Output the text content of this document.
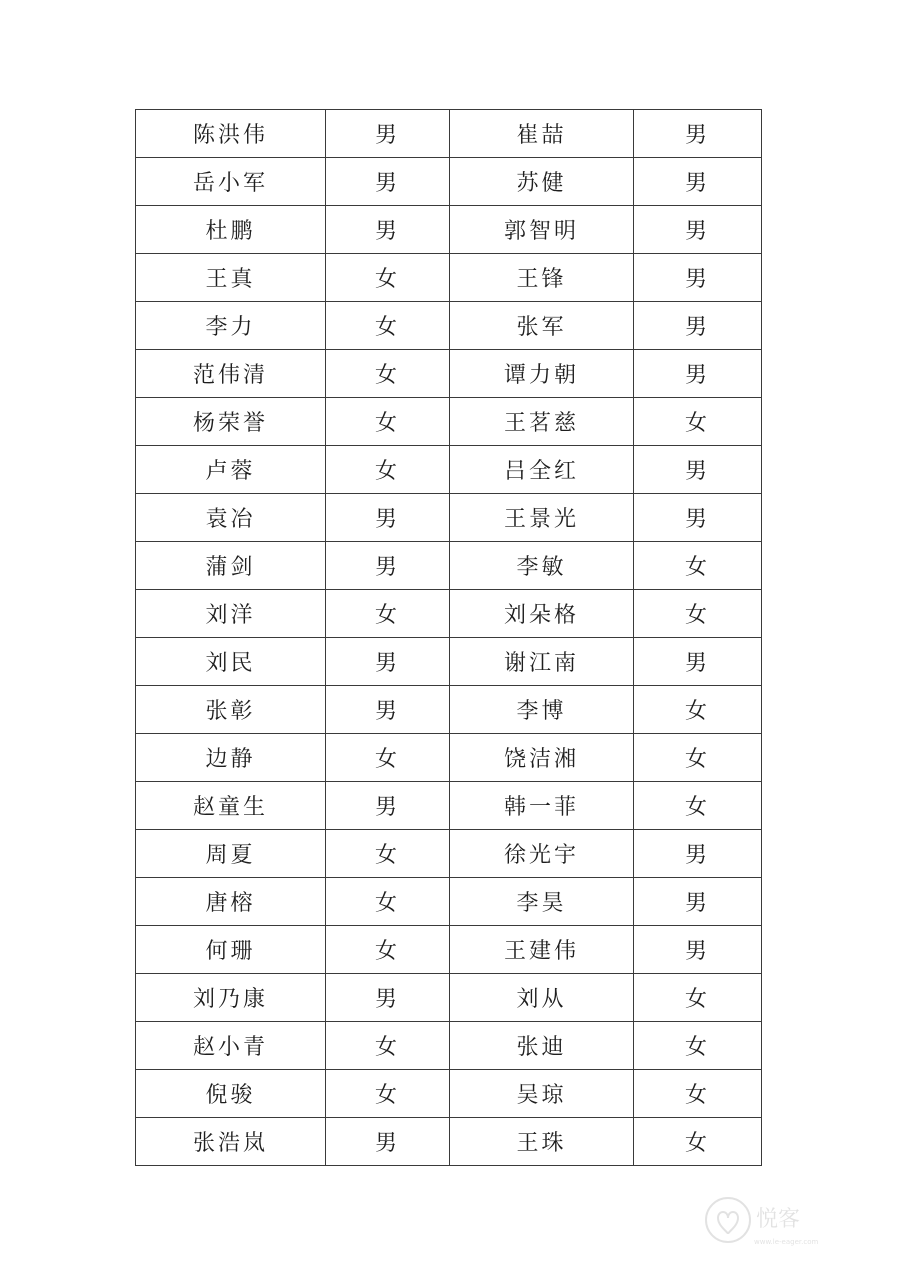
陈洪伟	男	崔喆	男
岳小军	男	苏健	男
杜鹏	男	郭智明	男
王真	女	王锋	男
李力	女	张军	男
范伟清	女	谭力朝	男
杨荣誉	女	王茗慈	女
卢蓉	女	吕全红	男
袁冶	男	王景光	男
蒲剑	男	李敏	女
刘洋	女	刘朵格	女
刘民	男	谢江南	男
张彰	男	李博	女
边静	女	饶洁湘	女
赵童生	男	韩一菲	女
周夏	女	徐光宇	男
唐榕	女	李昊	男
何珊	女	王建伟	男
刘乃康	男	刘从	女
赵小青	女	张迪	女
倪骏	女	吴琼	女
张浩岚	男	王珠	女
悦客
www.le-eager.com
